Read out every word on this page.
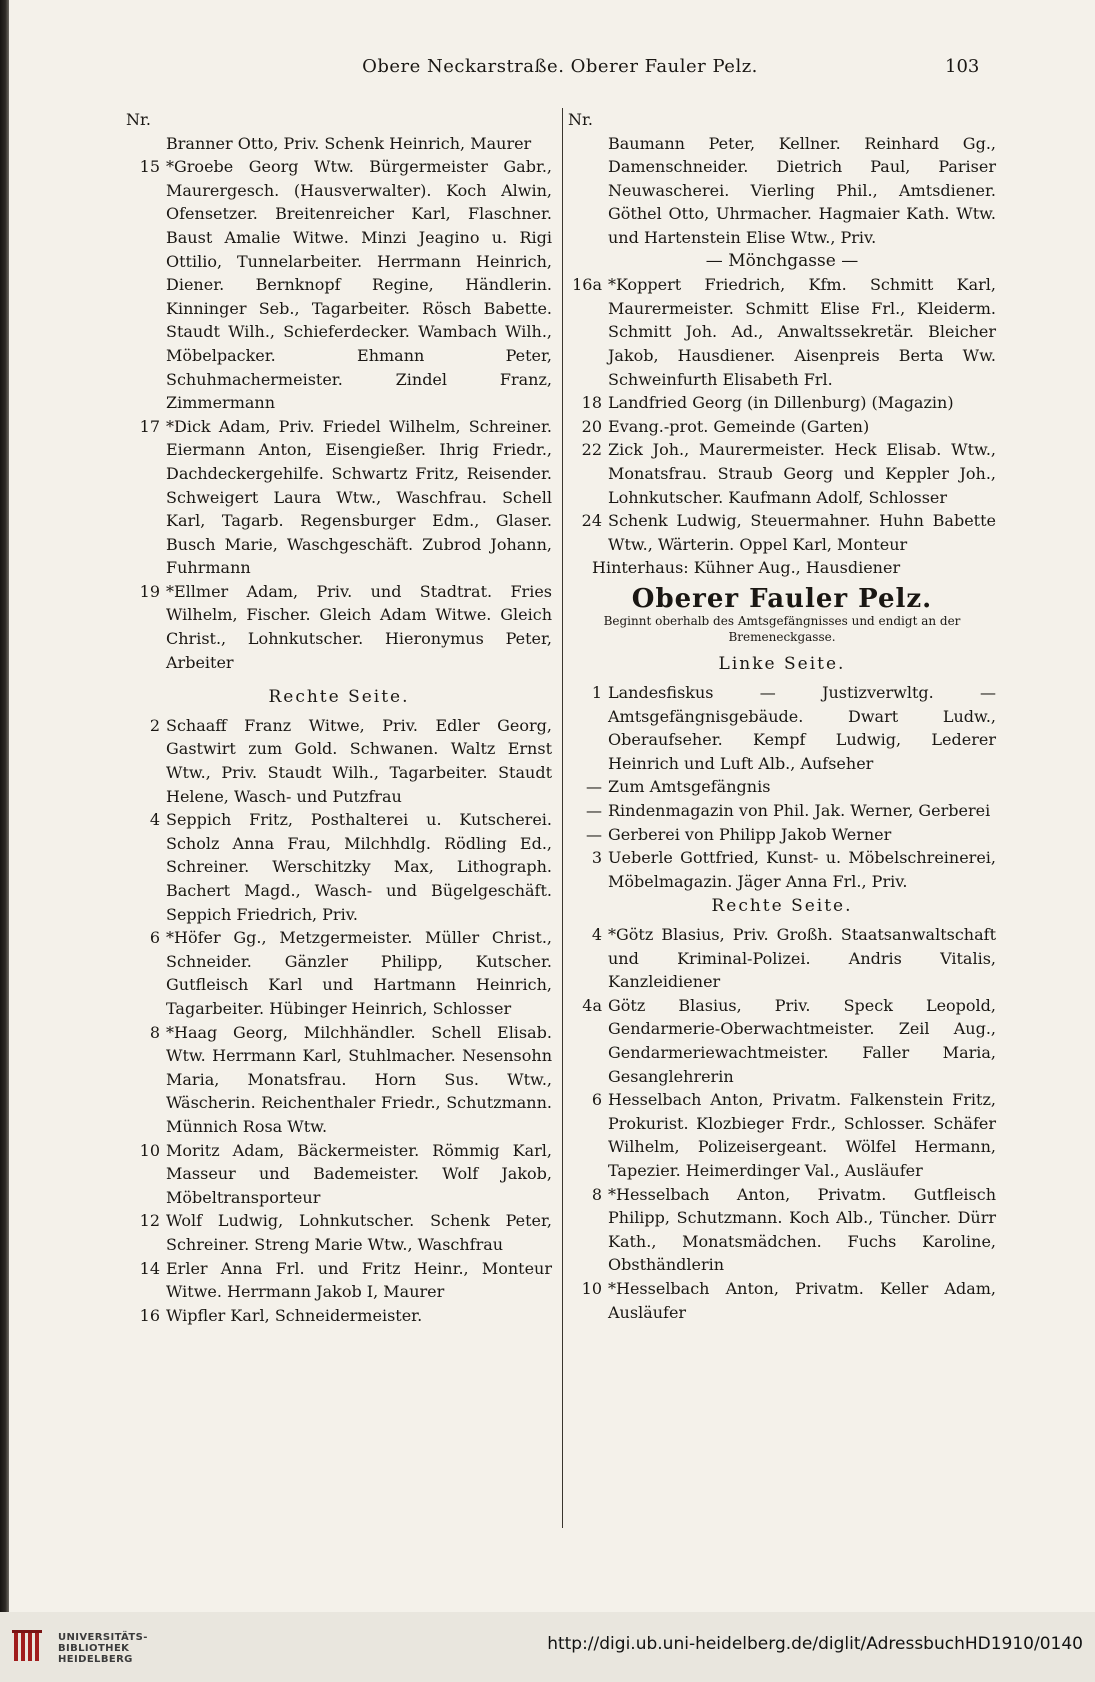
Obere Neckarstraße. Oberer Fauler Pelz.	103
Nr.
Branner Otto, Priv. Schenk Heinrich, Maurer
15 *Groebe Georg Wtw. Bürgermeister Gabr., Maurergesch. (Hausverwalter). Koch Alwin, Ofensetzer. Breitenreicher Karl, Flaschner. Baust Amalie Witwe. Minzi Jeagino u. Rigi Ottilio, Tunnelarbeiter. Herrmann Heinrich, Diener. Bernknopf Regine, Händlerin. Kinninger Seb., Tagarbeiter. Rösch Babette. Staudt Wilh., Schieferdecker. Wambach Wilh., Möbelpacker. Ehmann Peter, Schuhmachermeister. Zindel Franz, Zimmermann
17 *Dick Adam, Priv. Friedel Wilhelm, Schreiner. Eiermann Anton, Eisengießer. Ihrig Friedr., Dachdeckergehilfe. Schwartz Fritz, Reisender. Schweigert Laura Wtw., Waschfrau. Schell Karl, Tagarb. Regensburger Edm., Glaser. Busch Marie, Waschgeschäft. Zubrod Johann, Fuhrmann
19 *Ellmer Adam, Priv. und Stadtrat. Fries Wilhelm, Fischer. Gleich Adam Witwe. Gleich Christ., Lohnkutscher. Hieronymus Peter, Arbeiter
Rechte Seite.
2 Schaaff Franz Witwe, Priv. Edler Georg, Gastwirt zum Gold. Schwanen. Waltz Ernst Wtw., Priv. Staudt Wilh., Tagarbeiter. Staudt Helene, Wasch- und Putzfrau
4 Seppich Fritz, Posthalterei u. Kutscherei. Scholz Anna Frau, Milchhdlg. Rödling Ed., Schreiner. Werschitzky Max, Lithograph. Bachert Magd., Wasch- und Bügelgeschäft. Seppich Friedrich, Priv.
6 *Höfer Gg., Metzgermeister. Müller Christ., Schneider. Gänzler Philipp, Kutscher. Gutfleisch Karl und Hartmann Heinrich, Tagarbeiter. Hübinger Heinrich, Schlosser
8 *Haag Georg, Milchhändler. Schell Elisab. Wtw. Herrmann Karl, Stuhlmacher. Nesensohn Maria, Monatsfrau. Horn Sus. Wtw., Wäscherin. Reichenthaler Friedr., Schutzmann. Münnich Rosa Wtw.
10 Moritz Adam, Bäckermeister. Römmig Karl, Masseur und Bademeister. Wolf Jakob, Möbeltransporteur
12 Wolf Ludwig, Lohnkutscher. Schenk Peter, Schreiner. Streng Marie Wtw., Waschfrau
14 Erler Anna Frl. und Fritz Heinr., Monteur Witwe. Herrmann Jakob I, Maurer
16 Wipfler Karl, Schneidermeister.
Nr.
Baumann Peter, Kellner. Reinhard Gg., Damenschneider. Dietrich Paul, Pariser Neuwascherei. Vierling Phil., Amtsdiener. Göthel Otto, Uhrmacher. Hagmaier Kath. Wtw. und Hartenstein Elise Wtw., Priv.
— Mönchgasse —
16a *Koppert Friedrich, Kfm. Schmitt Karl, Maurermeister. Schmitt Elise Frl., Kleiderm. Schmitt Joh. Ad., Anwaltssekretär. Bleicher Jakob, Hausdiener. Aisenpreis Berta Ww. Schweinfurth Elisabeth Frl.
18 Landfried Georg (in Dillenburg) (Magazin)
20 Evang.-prot. Gemeinde (Garten)
22 Zick Joh., Maurermeister. Heck Elisab. Wtw., Monatsfrau. Straub Georg und Keppler Joh., Lohnkutscher. Kaufmann Adolf, Schlosser
24 Schenk Ludwig, Steuermahner. Huhn Babette Wtw., Wärterin. Oppel Karl, Monteur
Hinterhaus: Kühner Aug., Hausdiener
Oberer Fauler Pelz.
Beginnt oberhalb des Amtsgefängnisses und endigt an der Bremeneckgasse.
Linke Seite.
1 Landesfiskus — Justizverwltg. — Amtsgefängnisgebäude. Dwart Ludw., Oberaufseher. Kempf Ludwig, Lederer Heinrich und Luft Alb., Aufseher
— Zum Amtsgefängnis
— Rindenmagazin von Phil. Jak. Werner, Gerberei
— Gerberei von Philipp Jakob Werner
3 Ueberle Gottfried, Kunst- u. Möbelschreinerei, Möbelmagazin. Jäger Anna Frl., Priv.
Rechte Seite.
4 *Götz Blasius, Priv. Großh. Staatsanwaltschaft und Kriminal-Polizei. Andris Vitalis, Kanzleidiener
4a Götz Blasius, Priv. Speck Leopold, Gendarmerie-Oberwachtmeister. Zeil Aug., Gendarmeriewachtmeister. Faller Maria, Gesanglehrerin
6 Hesselbach Anton, Privatm. Falkenstein Fritz, Prokurist. Klozbieger Frdr., Schlosser. Schäfer Wilhelm, Polizeisergeant. Wölfel Hermann, Tapezier. Heimerdinger Val., Ausläufer
8 *Hesselbach Anton, Privatm. Gutfleisch Philipp, Schutzmann. Koch Alb., Tüncher. Dürr Kath., Monatsmädchen. Fuchs Karoline, Obsthändlerin
10 *Hesselbach Anton, Privatm. Keller Adam, Ausläufer
UNIVERSITÄTS-
BIBLIOTHEK
HEIDELBERG
http://digi.ub.uni-heidelberg.de/diglit/AdressbuchHD1910/0140
